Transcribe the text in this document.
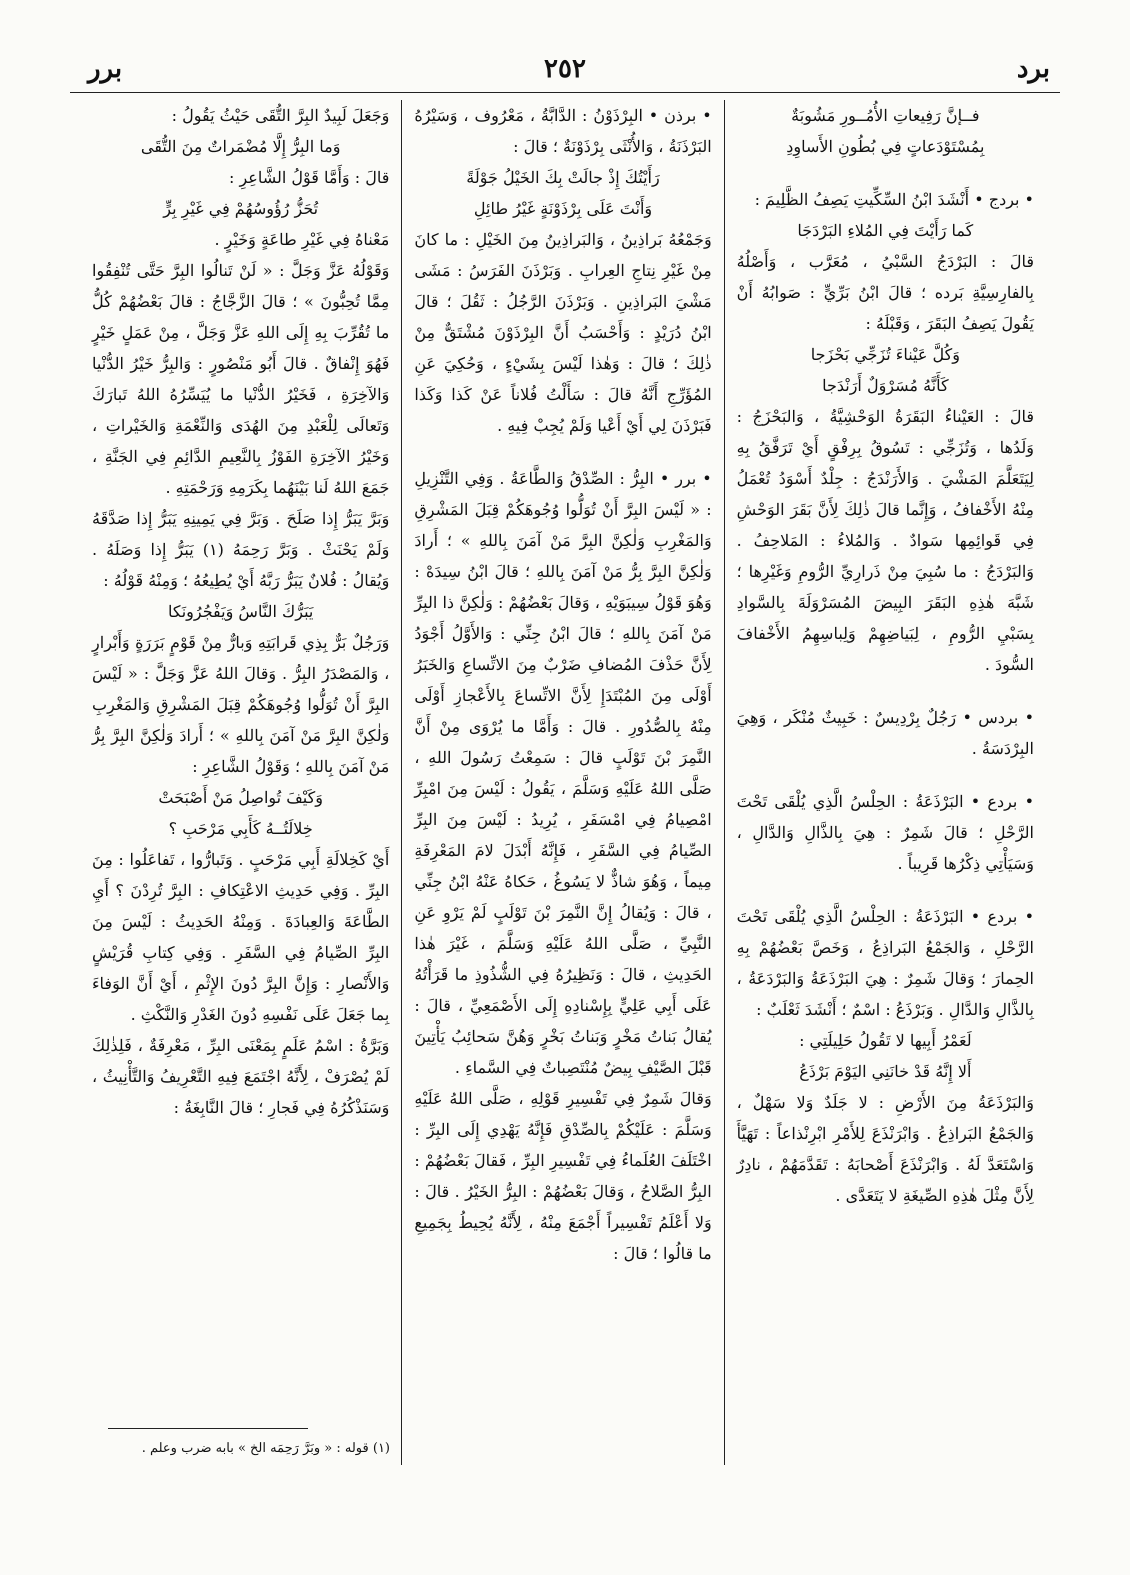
برر	٢٥٢	برد

فــإنَّ رَفِيعاتِ الأُمُــورِ مَشُوبَةٌ

بِمُسْتَوْدَعاتٍ فِي بُطُونِ الأَساوِدِ

• بردج • أَنْشَدَ ابْنُ السِّكِّيتِ يَصِفُ الظَّلِيمَ :

كَما رَأَيْتَ فِي المُلاءِ البَرْدَجَا

قالَ : البَرْدَجُ السَّبْيُ ، مُعَرَّب ، وَأَصْلُهُ بِالفارِسِيَّةِ بَرده ؛ قالَ ابْنُ بَرِّيٍّ : صَوابُهُ أَنْ يَقُولَ يَصِفُ البَقَرَ ، وَقَبْلَهُ :

وَكُلَّ عَيْناءَ تُزَجِّي بَحْزَجا

كَأَنَّهُ مُسَرْوَلٌ أَرَنْدَجا

قالَ : العَيْناءُ البَقَرَةُ الوَحْشِيَّةُ ، وَالبَحْزَجُ : وَلَدُها ، وَتُزَجِّي : تَسُوقُ بِرِفْقٍ أَيْ تَرَفَّقُ بِهِ لِيَتَعَلَّمَ المَشْيَ . وَالأَرَنْدَجُ : جِلْدٌ أَسْوَدُ تُعْمَلُ مِنْهُ الأَخْفافُ ، وَإِنَّما قالَ ذٰلِكَ لِأَنَّ بَقَرَ الوَحْشِ فِي قَوائِمِها سَوادٌ . وَالمُلاءُ : المَلاحِفُ . وَالبَرْدَجُ : ما سُبِيَ مِنْ ذَرارِيِّ الرُّومِ وَغَيْرِها ؛ شَبَّهَ هٰذِهِ البَقَرَ البِيضَ المُسَرْوَلَةَ بِالسَّوادِ بِسَبْيِ الرُّومِ ، لِبَياضِهِمْ وَلِباسِهِمُ الأَخْفافَ السُّودَ .

• بردس • رَجُلٌ بِرْدِيسٌ : خَبِيثٌ مُنْكَر ، وَهِيَ البِرْدَسَةُ .

• بردع • البَرْذَعَةُ : الحِلْسُ الَّذِي يُلْقَى تَحْتَ الرَّحْلِ ؛ قالَ شَمِرٌ : هِيَ بِالذَّالِ وَالدَّالِ ، وَسَيَأْتِي ذِكْرُها قَرِيباً .

• بردع • البَرْذَعَةُ : الحِلْسُ الَّذِي يُلْقَى تَحْتَ الرَّحْلِ ، وَالجَمْعُ البَراذِعُ ، وَخَصَّ بَعْضُهُمْ بِهِ الحِمارَ ؛ وَقالَ شَمِرٌ : هِيَ البَرْذَعَةُ وَالبَرْدَعَةُ ، بِالذَّالِ وَالدَّالِ . وَبَرْذَعُ : اسْمٌ ؛ أَنْشَدَ ثَعْلَبٌ :

لَعَمْرُ أَبِيها لا تَقُولُ حَلِيلَتِي :

أَلا إِنَّهُ قَدْ خانَنِي اليَوْمَ بَرْذَعُ

وَالبَرْذَعَةُ مِنَ الأَرْضِ : لا جَلَدٌ وَلا سَهْلٌ ، وَالجَمْعُ البَراذِعُ . وَابْرَنْذَعَ لِلأَمْرِ ابْرِنْذاعاً : تَهَيَّأَ وَاسْتَعَدَّ لَهُ . وَابْرَنْذَعَ أَصْحابَهُ : تَقَدَّمَهُمْ ، نادِرٌ لِأَنَّ مِثْلَ هٰذِهِ الصِّيغَةِ لا يَتَعَدَّى .

• برذن • البِرْذَوْنُ : الدَّابَّةُ ، مَعْرُوف ، وَسَيْرُهُ البَرْذَنَةُ ، وَالأُنْثَى بِرْذَوْنَةٌ ؛ قالَ :

رَأَيْتُكَ إِذْ جالَتْ بِكَ الخَيْلُ جَوْلَةً

وَأَنْتَ عَلَى بِرْذَوْنَةٍ غَيْرُ طائِلِ

وَجَمْعُهُ بَراذِينُ ، وَالبَراذِينُ مِنَ الخَيْلِ : ما كانَ مِنْ غَيْرِ نِتاجِ العِرابِ . وَبَرْذَنَ الفَرَسُ : مَشَى مَشْيَ البَراذِينِ . وَبَرْذَنَ الرَّجُلُ : ثَقُلَ ؛ قالَ ابْنُ دُرَيْدٍ : وَأَحْسَبُ أَنَّ البِرْذَوْنَ مُشْتَقٌّ مِنْ ذٰلِكَ ؛ قالَ : وَهٰذا لَيْسَ بِشَيْءٍ ، وَحُكِيَ عَنِ المُؤَرِّجِ أَنَّهُ قالَ : سَأَلْتُ فُلاناً عَنْ كَذا وَكَذا فَبَرْذَنَ لِي أَيْ أَعْيا وَلَمْ يُجِبْ فِيهِ .

• برر • البِرُّ : الصِّدْقُ وَالطَّاعَةُ . وَفِي التَّنْزِيلِ : « لَيْسَ البِرَّ أَنْ تُوَلُّوا وُجُوهَكُمْ قِبَلَ المَشْرِقِ وَالمَغْرِبِ وَلٰكِنَّ البِرَّ مَنْ آمَنَ بِاللهِ » ؛ أَرادَ وَلٰكِنَّ البِرَّ بِرُّ مَنْ آمَنَ بِاللهِ ؛ قالَ ابْنُ سِيدَهْ : وَهُوَ قَوْلُ سِيبَوَيْهِ ، وَقالَ بَعْضُهُمْ : وَلٰكِنَّ ذا البِرِّ مَنْ آمَنَ بِاللهِ ؛ قالَ ابْنُ جِنِّي : وَالأَوَّلُ أَجْوَدُ لِأَنَّ حَذْفَ المُضافِ ضَرْبٌ مِنَ الاتِّساعِ وَالخَبَرُ أَوْلَى مِنَ المُبْتَدَإِ لِأَنَّ الاتِّساعَ بِالأَعْجازِ أَوْلَى مِنْهُ بِالصُّدُورِ . قالَ : وَأَمَّا ما يُرْوَى مِنْ أَنَّ النَّمِرَ بْنَ تَوْلَبٍ قالَ : سَمِعْتُ رَسُولَ اللهِ ، صَلَّى اللهُ عَلَيْهِ وَسَلَّمَ ، يَقُولُ : لَيْسَ مِنَ امْبِرِّ امْصِيامُ فِي امْسَفَرِ ، يُرِيدُ : لَيْسَ مِنَ البِرِّ الصِّيامُ فِي السَّفَرِ ، فَإِنَّهُ أَبْدَلَ لامَ المَعْرِفَةِ مِيماً ، وَهُوَ شاذٌّ لا يَسُوغُ ، حَكاهُ عَنْهُ ابْنُ جِنِّي ، قالَ : وَيُقالُ إِنَّ النَّمِرَ بْنَ تَوْلَبٍ لَمْ يَرْوِ عَنِ النَّبِيِّ ، صَلَّى اللهُ عَلَيْهِ وَسَلَّمَ ، غَيْرَ هٰذا الحَدِيثِ ، قالَ : وَنَظِيرُهُ فِي الشُّذُوذِ ما قَرَأْتُهُ عَلَى أَبِي عَلِيٍّ بِإِسْنادِهِ إِلَى الأَصْمَعِيِّ ، قالَ : يُقالُ بَناتُ مَخْرٍ وَبَناتُ بَخْرٍ وَهُنَّ سَحائِبُ يَأْتِينَ قَبْلَ الصَّيْفِ بِيضٌ مُنْتَصِباتٌ فِي السَّماءِ .

وَقالَ شَمِرٌ فِي تَفْسِيرِ قَوْلِهِ ، صَلَّى اللهُ عَلَيْهِ وَسَلَّمَ : عَلَيْكُمْ بِالصِّدْقِ فَإِنَّهُ يَهْدِي إِلَى البِرِّ : اخْتَلَفَ العُلَماءُ فِي تَفْسِيرِ البِرِّ ، فَقالَ بَعْضُهُمْ : البِرُّ الصَّلاحُ ، وَقالَ بَعْضُهُمْ : البِرُّ الخَيْرُ . قالَ : وَلا أَعْلَمُ تَفْسِيراً أَجْمَعَ مِنْهُ ، لِأَنَّهُ يُحِيطُ بِجَمِيعِ ما قالُوا ؛ قالَ :

وَجَعَلَ لَبِيدٌ البِرَّ التُّقَى حَيْثُ يَقُولُ :

وَما البِرُّ إِلَّا مُضْمَراتٌ مِنَ التُّقَى

قالَ : وَأَمَّا قَوْلُ الشَّاعِرِ :

تُحَزُّ رُؤُوسُهُمْ فِي غَيْرِ بِرٍّ

مَعْناهُ فِي غَيْرِ طاعَةٍ وَخَيْرٍ .

وَقَوْلُهُ عَزَّ وَجَلَّ : « لَنْ تَنالُوا البِرَّ حَتَّى تُنْفِقُوا مِمَّا تُحِبُّونَ » ؛ قالَ الزَّجَّاجُ : قالَ بَعْضُهُمْ كُلُّ ما تُقُرِّبَ بِهِ إِلَى اللهِ عَزَّ وَجَلَّ ، مِنْ عَمَلٍ خَيْرٍ فَهُوَ إِنْفاقٌ . قالَ أَبُو مَنْصُورٍ : وَالبِرُّ خَيْرُ الدُّنْيا وَالآخِرَةِ ، فَخَيْرُ الدُّنْيا ما يُيَسِّرُهُ اللهُ تَبارَكَ وَتَعالَى لِلْعَبْدِ مِنَ الهُدَى وَالنِّعْمَةِ وَالخَيْراتِ ، وَخَيْرُ الآخِرَةِ الفَوْزُ بِالنَّعِيمِ الدَّائِمِ فِي الجَنَّةِ ، جَمَعَ اللهُ لَنا بَيْنَهُما بِكَرَمِهِ وَرَحْمَتِهِ .

وَبَرَّ يَبَرُّ إِذا صَلَحَ . وَبَرَّ فِي يَمِينِهِ يَبَرُّ إِذا صَدَّقَهُ وَلَمْ يَحْنَثْ . وَبَرَّ رَحِمَهُ (١) يَبَرُّ إِذا وَصَلَهُ . وَيُقالُ : فُلانٌ يَبَرُّ رَبَّهُ أَيْ يُطِيعُهُ ؛ وَمِنْهُ قَوْلُهُ :

يَبَرُّكَ النَّاسُ وَيَفْجُرُونَكا

وَرَجُلٌ بَرٌّ بِذِي قَرابَتِهِ وَبارٌّ مِنْ قَوْمٍ بَرَرَةٍ وَأَبْرارٍ ، وَالمَصْدَرُ البِرُّ . وَقالَ اللهُ عَزَّ وَجَلَّ : « لَيْسَ البِرَّ أَنْ تُوَلُّوا وُجُوهَكُمْ قِبَلَ المَشْرِقِ وَالمَغْرِبِ وَلٰكِنَّ البِرَّ مَنْ آمَنَ بِاللهِ » ؛ أَرادَ وَلٰكِنَّ البِرَّ بِرُّ مَنْ آمَنَ بِاللهِ ؛ وَقَوْلُ الشَّاعِرِ :

وَكَيْفَ تُواصِلُ مَنْ أَصْبَحَتْ

خِلالَتُــهُ كَأَبِي مَرْحَبِ ؟

أَيْ كَخِلالَةِ أَبِي مَرْحَبٍ . وَتَبارُّوا ، تَفاعَلُوا : مِنَ البِرِّ . وَفِي حَدِيثِ الاعْتِكافِ : البِرَّ تُرِدْنَ ؟ أَيِ الطَّاعَةَ وَالعِبادَةَ . وَمِنْهُ الحَدِيثُ : لَيْسَ مِنَ البِرِّ الصِّيامُ فِي السَّفَرِ . وَفِي كِتابِ قُرَيْشٍ وَالأَنْصارِ : وَإِنَّ البِرَّ دُونَ الإِثْمِ ، أَيْ أَنَّ الوَفاءَ بِما جَعَلَ عَلَى نَفْسِهِ دُونَ الغَدْرِ وَالنَّكْثِ .

وَبَرَّةُ : اسْمُ عَلَمٍ بِمَعْنَى البِرِّ ، مَعْرِفَةٌ ، فَلِذٰلِكَ لَمْ يُصْرَفْ ، لِأَنَّهُ اجْتَمَعَ فِيهِ التَّعْرِيفُ وَالتَّأْنِيثُ ، وَسَنَذْكُرُهُ فِي فَجارِ ؛ قالَ النَّابِغَةُ :

(١) قوله : « وبَرَّ رَحِمَه الخ » بابه ضرب وعلم .
